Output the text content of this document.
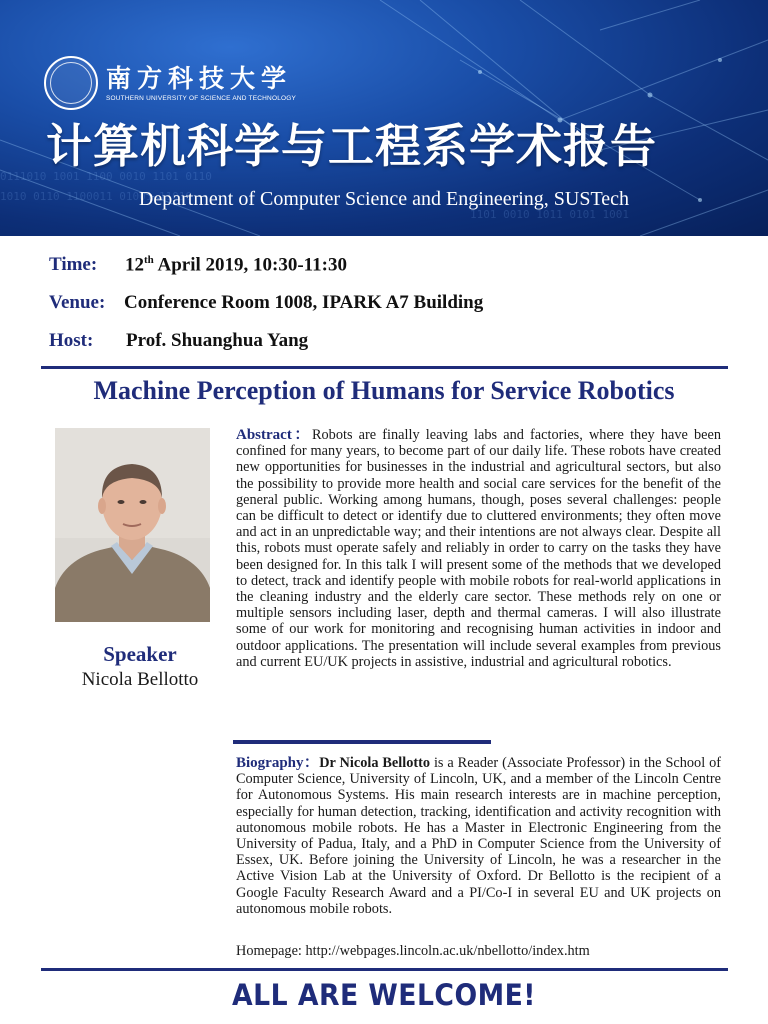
0111010 1001 1100 0010 1101 0110
1010 0110 1100011 01001 11010
1101 0010 1011 0101 1001
南方科技大学
SOUTHERN UNIVERSITY OF SCIENCE AND TECHNOLOGY
计算机科学与工程系学术报告
Department of Computer Science and Engineering, SUSTech
Time: 12th April 2019, 10:30-11:30
Venue: Conference Room 1008, IPARK A7 Building
Host: Prof. Shuanghua Yang
Machine Perception of Humans for Service Robotics
Speaker
Nicola Bellotto
Abstract：Robots are finally leaving labs and factories, where they have been confined for many years, to become part of our daily life. These robots have created new opportunities for businesses in the industrial and agricultural sectors, but also the possibility to provide more health and social care services for the benefit of the general public. Working among humans, though, poses several challenges: people can be difficult to detect or identify due to cluttered environments; they often move and act in an unpredictable way; and their intentions are not always clear. Despite all this, robots must operate safely and reliably in order to carry on the tasks they have been designed for. In this talk I will present some of the methods that we developed to detect, track and identify people with mobile robots for real-world applications in the cleaning industry and the elderly care sector. These methods rely on one or multiple sensors including laser, depth and thermal cameras. I will also illustrate some of our work for monitoring and recognising human activities in indoor and outdoor applications. The presentation will include several examples from previous and current EU/UK projects in assistive, industrial and agricultural robotics.
Biography：Dr Nicola Bellotto is a Reader (Associate Professor) in the School of Computer Science, University of Lincoln, UK, and a member of the Lincoln Centre for Autonomous Systems. His main research interests are in machine perception, especially for human detection, tracking, identification and activity recognition with autonomous mobile robots. He has a Master in Electronic Engineering from the University of Padua, Italy, and a PhD in Computer Science from the University of Essex, UK. Before joining the University of Lincoln, he was a researcher in the Active Vision Lab at the University of Oxford. Dr Bellotto is the recipient of a Google Faculty Research Award and a PI/Co-I in several EU and UK projects on autonomous mobile robots.
Homepage: http://webpages.lincoln.ac.uk/nbellotto/index.htm
ALL ARE WELCOME!
